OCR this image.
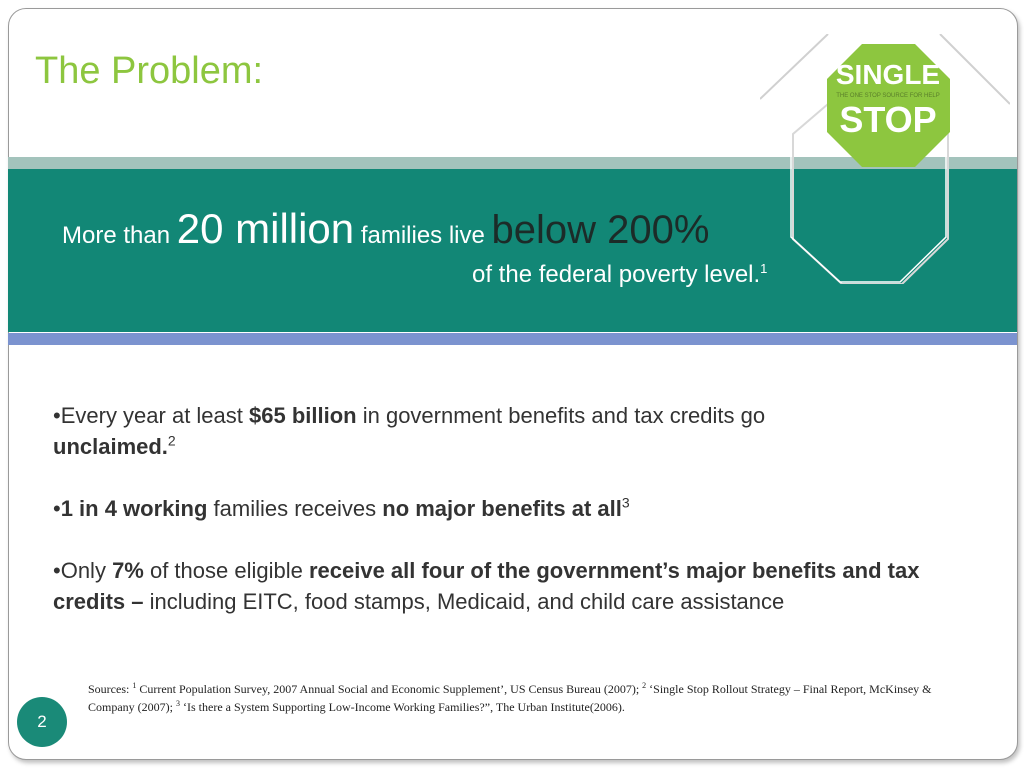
The Problem:
More than 20 million families live below 200%
of the federal poverty level.$^1$
SINGLE
THE ONE STOP SOURCE FOR HELP
STOP

•Every year at least $65 billion in government benefits and tax credits go
unclaimed.$^2$

•1 in 4 working families receives no major benefits at all$^3$

•Only 7% of those eligible receive all four of the government’s major benefits and tax credits – including EITC, food stamps, Medicaid, and child care assistance

Sources: $^1$ Current Population Survey, 2007 Annual Social and Economic Supplement’, US Census Bureau (2007); $^2$ ‘Single Stop Rollout Strategy – Final Report, McKinsey & Company (2007); $^3$ ‘Is there a System Supporting Low-Income Working Families?”, The Urban Institute(2006).
2
